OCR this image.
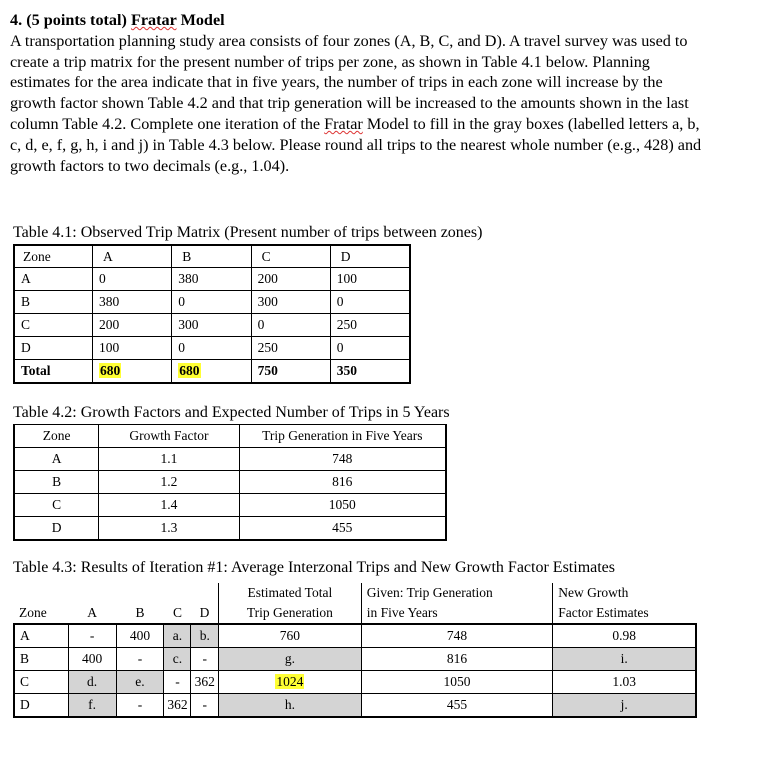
4. (5 points total) Fratar Model
A transportation planning study area consists of four zones (A, B, C, and D). A travel survey was used to create a trip matrix for the present number of trips per zone, as shown in Table 4.1 below. Planning estimates for the area indicate that in five years, the number of trips in each zone will increase by the growth factor shown Table 4.2 and that trip generation will be increased to the amounts shown in the last column Table 4.2. Complete one iteration of the Fratar Model to fill in the gray boxes (labelled letters a, b, c, d, e, f, g, h, i and j) in Table 4.3 below. Please round all trips to the nearest whole number (e.g., 428) and growth factors to two decimals (e.g., 1.04).
Table 4.1: Observed Trip Matrix (Present number of trips between zones)
Zone	A	B	C	D
A	0	380	200	100
B	380	0	300	0
C	200	300	0	250
D	100	0	250	0
Total	680	680	750	350
Table 4.2: Growth Factors and Expected Number of Trips in 5 Years
Zone	Growth Factor	Trip Generation in Five Years
A	1.1	748
B	1.2	816
C	1.4	1050
D	1.3	455
Table 4.3: Results of Iteration #1: Average Interzonal Trips and New Growth Factor Estimates
					Estimated Total	Given: Trip Generation	New Growth
Zone	A	B	C	D	Trip Generation	in Five Years	Factor Estimates
A	-	400	a.	b.	760	748	0.98
B	400	-	c.	-	g.	816	i.
C	d.	e.	-	362	1024	1050	1.03
D	f.	-	362	-	h.	455	j.
